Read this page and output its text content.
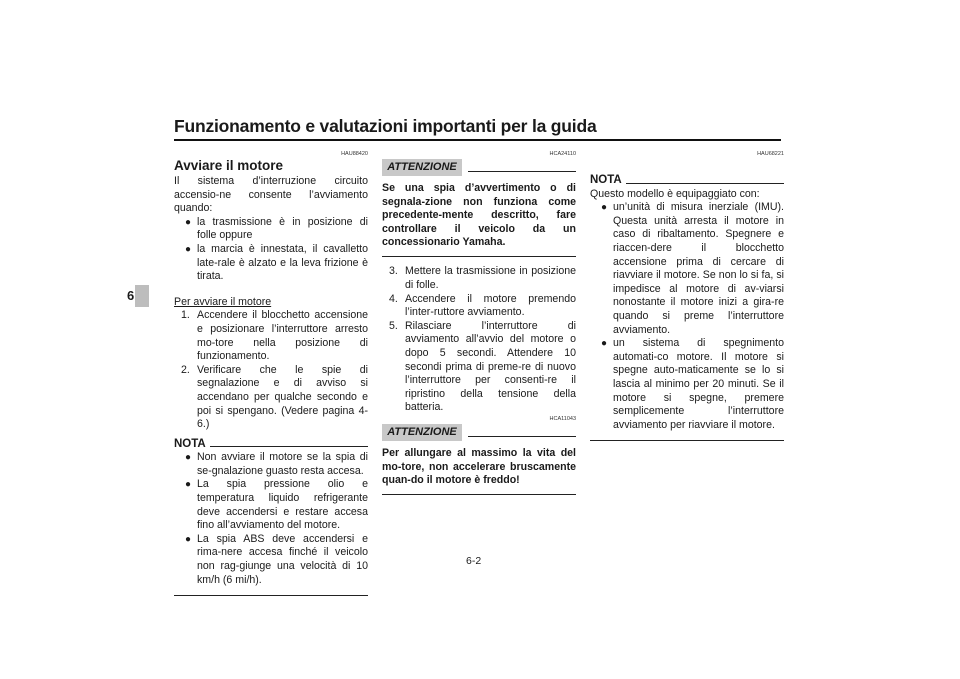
Funzionamento e valutazioni importanti per la guida
6
HAU88420
Avviare il motore

Il sistema d’interruzione circuito accensio-ne consente l’avviamento quando:

● la trasmissione è in posizione di folle oppure
● la marcia è innestata, il cavalletto late-rale è alzato e la leva frizione è tirata.
Per avviare il motore
1. Accendere il blocchetto accensione e posizionare l’interruttore arresto mo-tore nella posizione di funzionamento.
2. Verificare che le spie di segnalazione e di avviso si accendano per qualche secondo e poi si spengano. (Vedere pagina 4-6.)
NOTA
● Non avviare il motore se la spia di se-gnalazione guasto resta accesa.
● La spia pressione olio e temperatura liquido refrigerante deve accendersi e restare accesa fino all’avviamento del motore.
● La spia ABS deve accendersi e rima-nere accesa finché il veicolo non rag-giunge una velocità di 10 km/h (6 mi/h).
HCA24110
ATTENZIONE
Se una spia d’avvertimento o di segnala-zione non funziona come precedente-mente descritto, fare controllare il veicolo da un concessionario Yamaha.
3. Mettere la trasmissione in posizione di folle.
4. Accendere il motore premendo l’inter-ruttore avviamento.
5. Rilasciare l’interruttore di avviamento all’avvio del motore o dopo 5 secondi. Attendere 10 secondi prima di preme-re di nuovo l’interruttore per consenti-re il ripristino della tensione della batteria.
HCA11043
ATTENZIONE
Per allungare al massimo la vita del mo-tore, non accelerare bruscamente quan-do il motore è freddo!
HAU68221
NOTA

Questo modello è equipaggiato con:

● un’unità di misura inerziale (IMU). Questa unità arresta il motore in caso di ribaltamento. Spegnere e riaccen-dere il blocchetto accensione prima di cercare di riavviare il motore. Se non lo si fa, si impedisce al motore di av-viarsi nonostante il motore inizi a gira-re quando si preme l’interruttore avviamento.
● un sistema di spegnimento automati-co motore. Il motore si spegne auto-maticamente se lo si lascia al minimo per 20 minuti. Se il motore si spegne, premere semplicemente l’interruttore avviamento per riavviare il motore.
6-2
